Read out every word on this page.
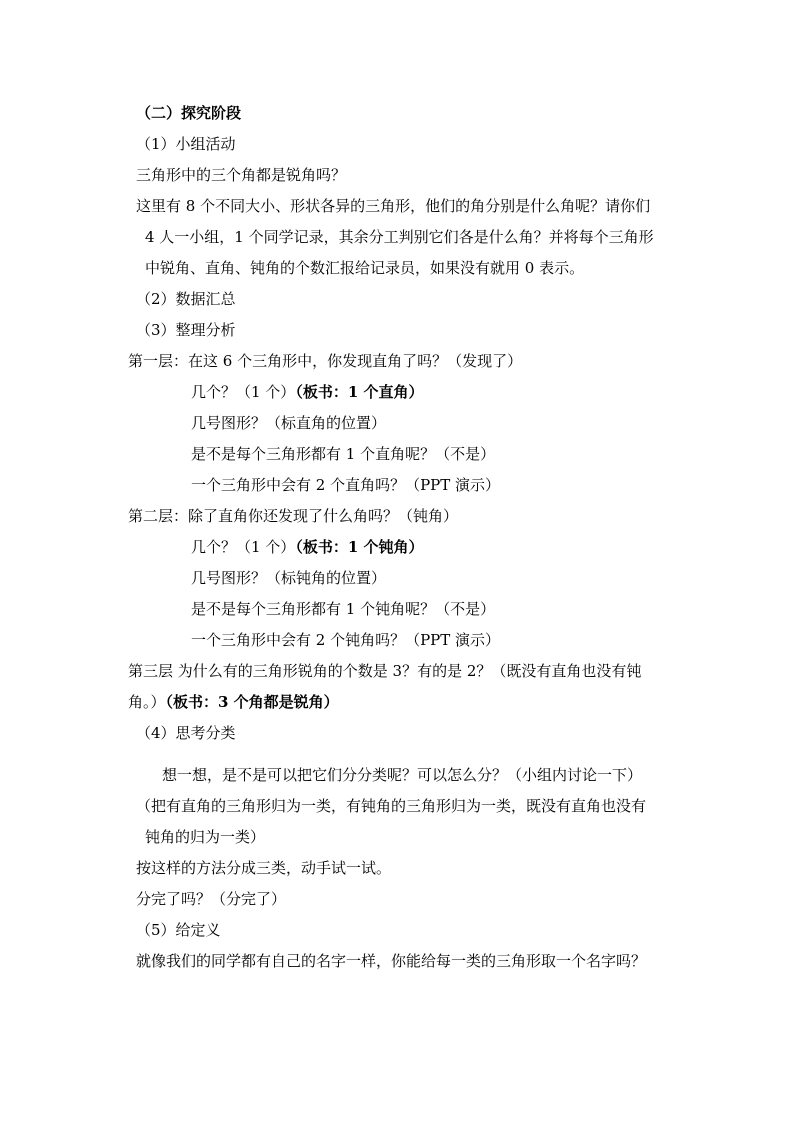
（二）探究阶段
（1）小组活动
三角形中的三个角都是锐角吗？
这里有 8 个不同大小、形状各异的三角形，他们的角分别是什么角呢？请你们
4 人一小组，1 个同学记录，其余分工判别它们各是什么角？并将每个三角形
中锐角、直角、钝角的个数汇报给记录员，如果没有就用 0 表示。
（2）数据汇总
（3）整理分析
第一层：在这 6 个三角形中，你发现直角了吗？（发现了）
几个？（1 个）（板书：1 个直角）
几号图形？（标直角的位置）
是不是每个三角形都有 1 个直角呢？（不是）
一个三角形中会有 2 个直角吗？（PPT 演示）
第二层：除了直角你还发现了什么角吗？（钝角）
几个？（1 个）（板书：1 个钝角）
几号图形？（标钝角的位置）
是不是每个三角形都有 1 个钝角呢？（不是）
一个三角形中会有 2 个钝角吗？（PPT 演示）
第三层 为什么有的三角形锐角的个数是 3？有的是 2？（既没有直角也没有钝
角。）（板书：3 个角都是锐角）
（4）思考分类
想一想，是不是可以把它们分分类呢？可以怎么分？（小组内讨论一下）
（把有直角的三角形归为一类，有钝角的三角形归为一类，既没有直角也没有
钝角的归为一类）
按这样的方法分成三类，动手试一试。
分完了吗？（分完了）
（5）给定义
就像我们的同学都有自己的名字一样，你能给每一类的三角形取一个名字吗？
